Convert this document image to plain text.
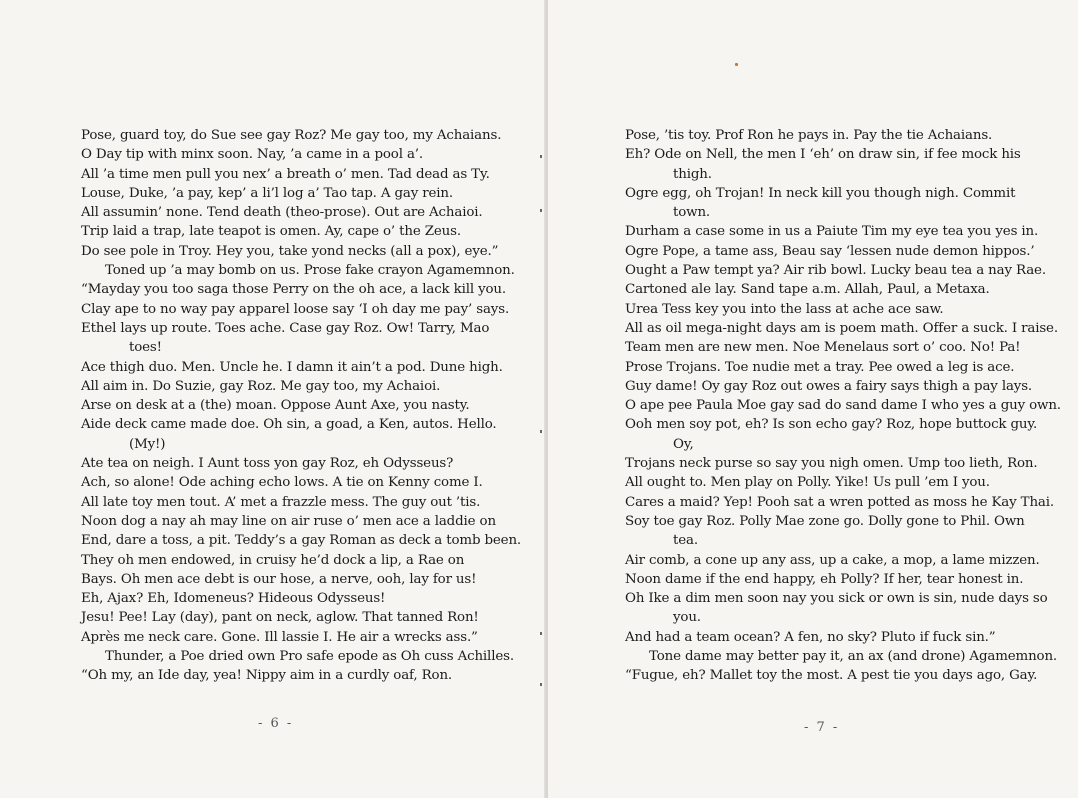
Pose, guard toy, do Sue see gay Roz? Me gay too, my Achaians.
O Day tip with minx soon. Nay, ’a came in a pool a’.
All ’a time men pull you nex’ a breath o’ men. Tad dead as Ty.
Louse, Duke, ’a pay, kep’ a li’l log a’ Tao tap. A gay rein.
All assumin’ none. Tend death (theo-prose). Out are Achaioi.
Trip laid a trap, late teapot is omen. Ay, cape o’ the Zeus.
Do see pole in Troy. Hey you, take yond necks (all a pox), eye.”
Toned up ’a may bomb on us. Prose fake crayon Agamemnon.
“Mayday you too saga those Perry on the oh ace, a lack kill you.
Clay ape to no way pay apparel loose say ‘I oh day me pay’ says.
Ethel lays up route. Toes ache. Case gay Roz. Ow! Tarry, Mao
toes!
Ace thigh duo. Men. Uncle he. I damn it ain’t a pod. Dune high.
All aim in. Do Suzie, gay Roz. Me gay too, my Achaioi.
Arse on desk at a (the) moan. Oppose Aunt Axe, you nasty.
Aide deck came made doe. Oh sin, a goad, a Ken, autos. Hello.
(My!)
Ate tea on neigh. I Aunt toss yon gay Roz, eh Odysseus?
Ach, so alone! Ode aching echo lows. A tie on Kenny come I.
All late toy men tout. A’ met a frazzle mess. The guy out ’tis.
Noon dog a nay ah may line on air ruse o’ men ace a laddie on
End, dare a toss, a pit. Teddy’s a gay Roman as deck a tomb been.
They oh men endowed, in cruisy he’d dock a lip, a Rae on
Bays. Oh men ace debt is our hose, a nerve, ooh, lay for us!
Eh, Ajax? Eh, Idomeneus? Hideous Odysseus!
Jesu! Pee! Lay (day), pant on neck, aglow. That tanned Ron!
Après me neck care. Gone. Ill lassie I. He air a wrecks ass.”
Thunder, a Poe dried own Pro safe epode as Oh cuss Achilles.
“Oh my, an Ide day, yea! Nippy aim in a curdly oaf, Ron.
- 6 -
Pose, ’tis toy. Prof Ron he pays in. Pay the tie Achaians.
Eh? Ode on Nell, the men I ‘eh’ on draw sin, if fee mock his
thigh.
Ogre egg, oh Trojan! In neck kill you though nigh. Commit
town.
Durham a case some in us a Paiute Tim my eye tea you yes in.
Ogre Pope, a tame ass, Beau say ‘lessen nude demon hippos.’
Ought a Paw tempt ya? Air rib bowl. Lucky beau tea a nay Rae.
Cartoned ale lay. Sand tape a.m. Allah, Paul, a Metaxa.
Urea Tess key you into the lass at ache ace saw.
All as oil mega-night days am is poem math. Offer a suck. I raise.
Team men are new men. Noe Menelaus sort o’ coo. No! Pa!
Prose Trojans. Toe nudie met a tray. Pee owed a leg is ace.
Guy dame! Oy gay Roz out owes a fairy says thigh a pay lays.
O ape pee Paula Moe gay sad do sand dame I who yes a guy own.
Ooh men soy pot, eh? Is son echo gay? Roz, hope buttock guy.
Oy,
Trojans neck purse so say you nigh omen. Ump too lieth, Ron.
All ought to. Men play on Polly. Yike! Us pull ’em I you.
Cares a maid? Yep! Pooh sat a wren potted as moss he Kay Thai.
Soy toe gay Roz. Polly Mae zone go. Dolly gone to Phil. Own
tea.
Air comb, a cone up any ass, up a cake, a mop, a lame mizzen.
Noon dame if the end happy, eh Polly? If her, tear honest in.
Oh Ike a dim men soon nay you sick or own is sin, nude days so
you.
And had a team ocean? A fen, no sky? Pluto if fuck sin.”
Tone dame may better pay it, an ax (and drone) Agamemnon.
“Fugue, eh? Mallet toy the most. A pest tie you days ago, Gay.
- 7 -
